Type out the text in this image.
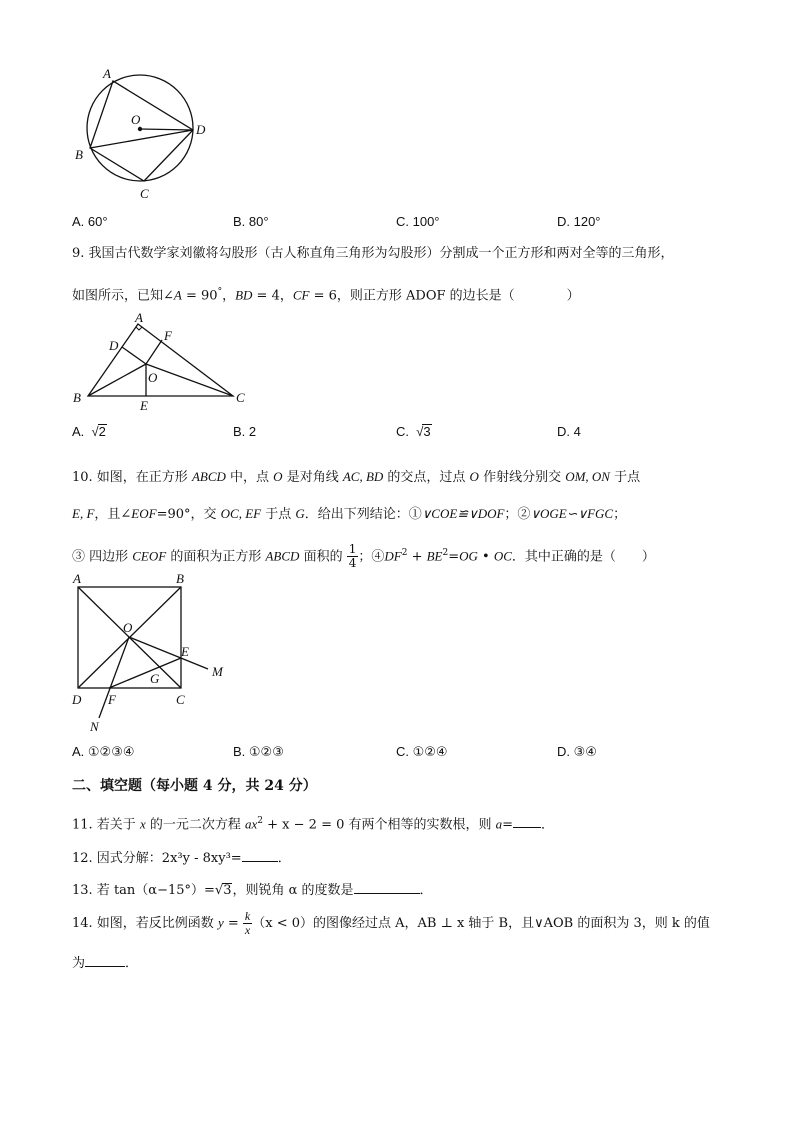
A
O
D
B
C
A. 60°	B. 80°	C. 100°	D. 120°
9. 我国古代数学家刘徽将勾股形（古人称直角三角形为勾股形）分割成一个正方形和两对全等的三角形，
如图所示，已知∠A = 90°，BD = 4，CF = 6，则正方形 ADOF 的边长是（　　　　）
A
D
F
O
B
E
C
A.  √2	B. 2	C.  √3	D. 4
10. 如图，在正方形 ABCD 中，点 O 是对角线 AC, BD 的交点，过点 O 作射线分别交 OM, ON 于点
E, F，且∠EOF=90°，交 OC, EF 于点 G．给出下列结论：①∨COE≌∨DOF；②∨OGE∽∨FGC；
③ 四边形 CEOF 的面积为正方形 ABCD 面积的 $\frac{1}{4}$ ；$④DF^2 + BE^2=OG$ • OC．其中正确的是（　　）
A	B
O
E
M
G
D F	C
N
A. ①②③④	B. ①②③	C. ①②④	D. ③④
二、填空题（每小题 4 分，共 24 分）
11. 若关于 x 的一元二次方程 $ax^2 + x - 2 = 0$ 有两个相等的实数根，则 a= ．
12. 因式分解：2x³y - 8xy³=	．
13. 若 tan（α−15°）=√3，则锐角 α 的度数是	．
14. 如图，若反比例函数 $y = \frac{k}{x} (x < 0)$的图像经过点 A，AB ⊥ x 轴于 B，且∨AOB 的面积为 3，则 k 的值
为	．
